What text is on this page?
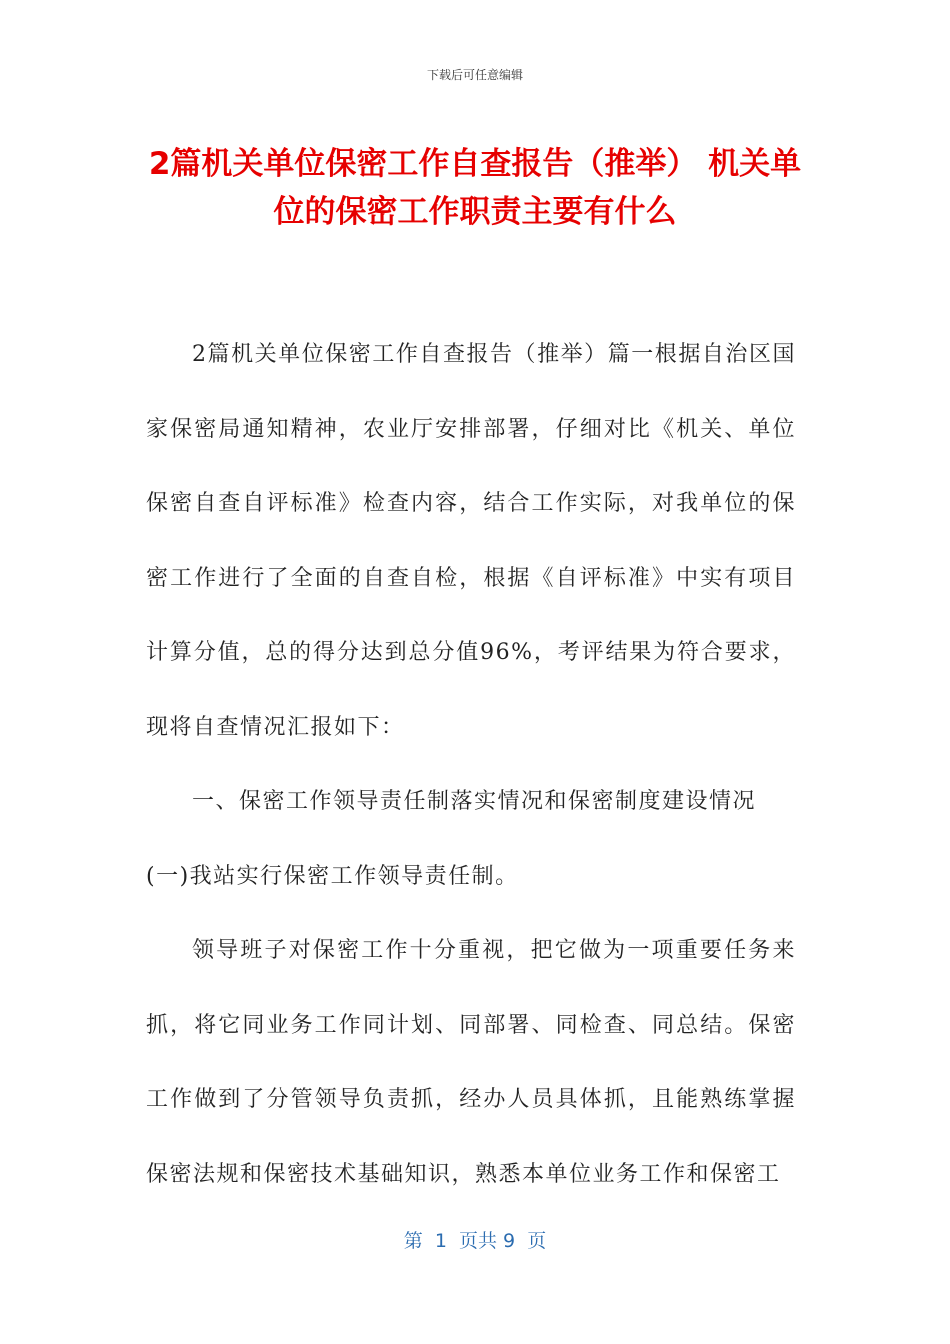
下载后可任意编辑
2篇机关单位保密工作自查报告（推举） 机关单位的保密工作职责主要有什么

2篇机关单位保密工作自查报告（推举）篇一根据自治区国家保密局通知精神，农业厅安排部署，仔细对比《机关、单位保密自查自评标准》检查内容，结合工作实际，对我单位的保密工作进行了全面的自查自检，根据《自评标准》中实有项目计算分值，总的得分达到总分值96%，考评结果为符合要求，现将自查情况汇报如下：

一、保密工作领导责任制落实情况和保密制度建设情况

(一)我站实行保密工作领导责任制。

领导班子对保密工作十分重视，把它做为一项重要任务来抓，将它同业务工作同计划、同部署、同检查、同总结。保密工作做到了分管领导负责抓，经办人员具体抓，且能熟练掌握保密法规和保密技术基础知识，熟悉本单位业务工作和保密工

第  1  页共 9  页
